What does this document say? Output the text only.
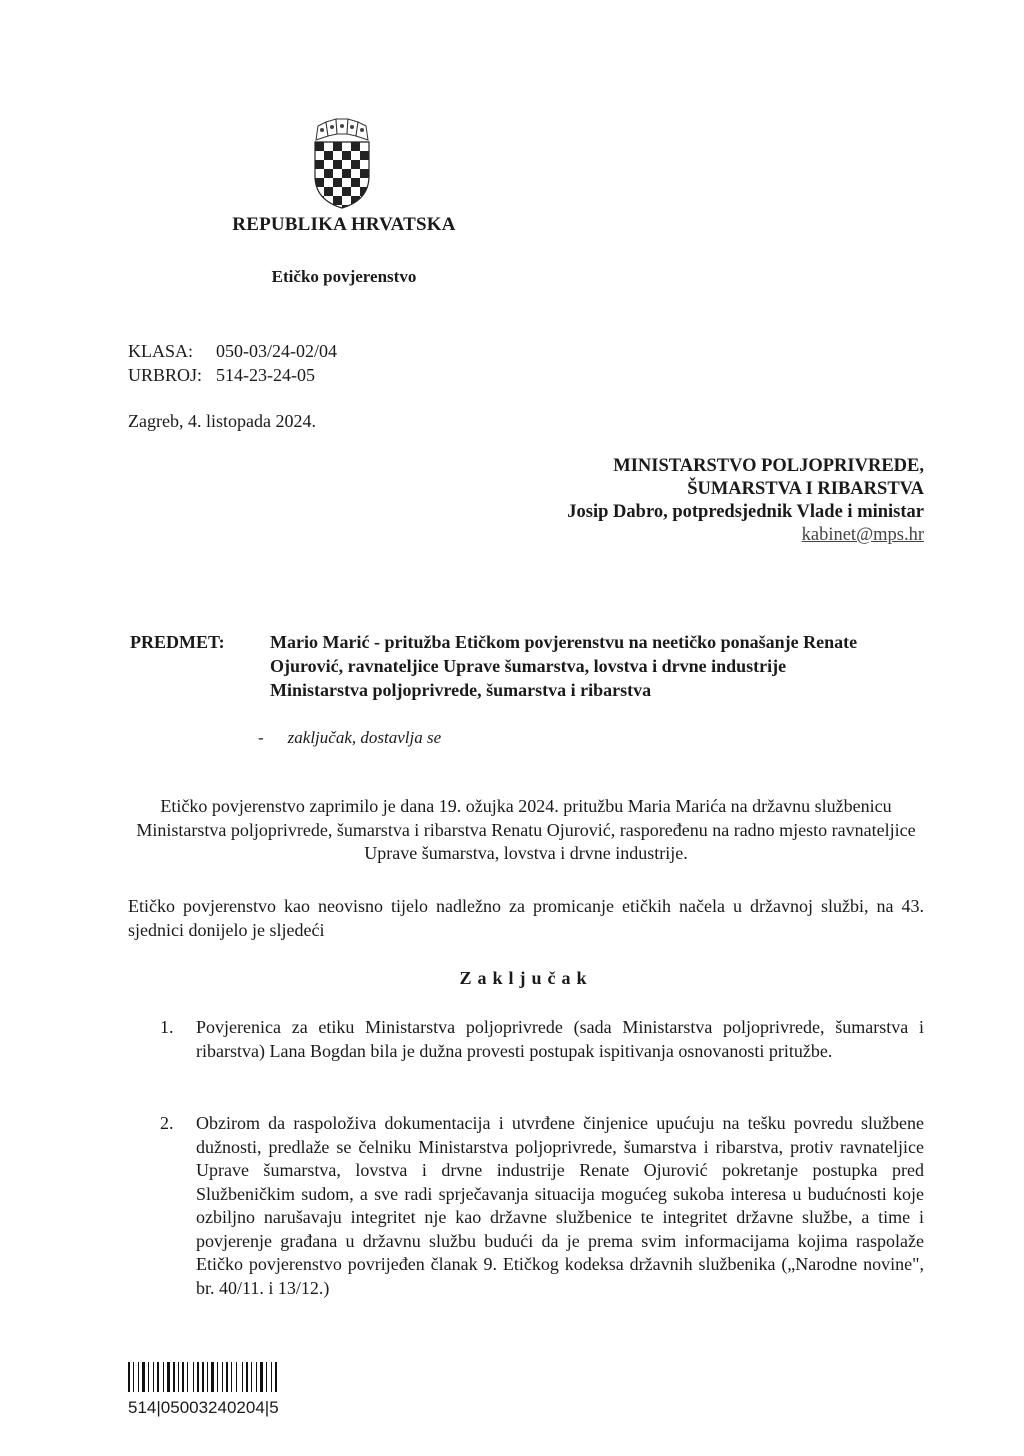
REPUBLIKA HRVATSKA
Etičko povjerenstvo
KLASA: 050-03/24-02/04
URBROJ: 514-23-24-05
Zagreb, 4. listopada 2024.
MINISTARSTVO POLJOPRIVREDE,
ŠUMARSTVA I RIBARSTVA
Josip Dabro, potpredsjednik Vlade i ministar
kabinet@mps.hr
PREDMET:	Mario Marić - pritužba Etičkom povjerenstvu na neetičko ponašanje Renate
Ojurović, ravnateljice Uprave šumarstva, lovstva i drvne industrije
Ministarstva poljoprivrede, šumarstva i ribarstva
- zaključak, dostavlja se
Etičko povjerenstvo zaprimilo je dana 19. ožujka 2024. pritužbu Maria Marića na državnu službenicu Ministarstva poljoprivrede, šumarstva i ribarstva Renatu Ojurović, raspoređenu na radno mjesto ravnateljice Uprave šumarstva, lovstva i drvne industrije.
Etičko povjerenstvo kao neovisno tijelo nadležno za promicanje etičkih načela u državnoj službi, na 43. sjednici donijelo je sljedeći
Zaključak
1. Povjerenica za etiku Ministarstva poljoprivrede (sada Ministarstva poljoprivrede, šumarstva i ribarstva) Lana Bogdan bila je dužna provesti postupak ispitivanja osnovanosti pritužbe.
2. Obzirom da raspoloživa dokumentacija i utvrđene činjenice upućuju na tešku povredu službene dužnosti, predlaže se čelniku Ministarstva poljoprivrede, šumarstva i ribarstva, protiv ravnateljice Uprave šumarstva, lovstva i drvne industrije Renate Ojurović pokretanje postupka pred Službeničkim sudom, a sve radi sprječavanja situacija mogućeg sukoba interesa u budućnosti koje ozbiljno narušavaju integritet nje kao državne službenice te integritet državne službe, a time i povjerenje građana u državnu službu budući da je prema svim informacijama kojima raspolaže Etičko povjerenstvo povrijeđen članak 9. Etičkog kodeksa državnih službenika („Narodne novine", br. 40/11. i 13/12.)
514|05003240204|5
